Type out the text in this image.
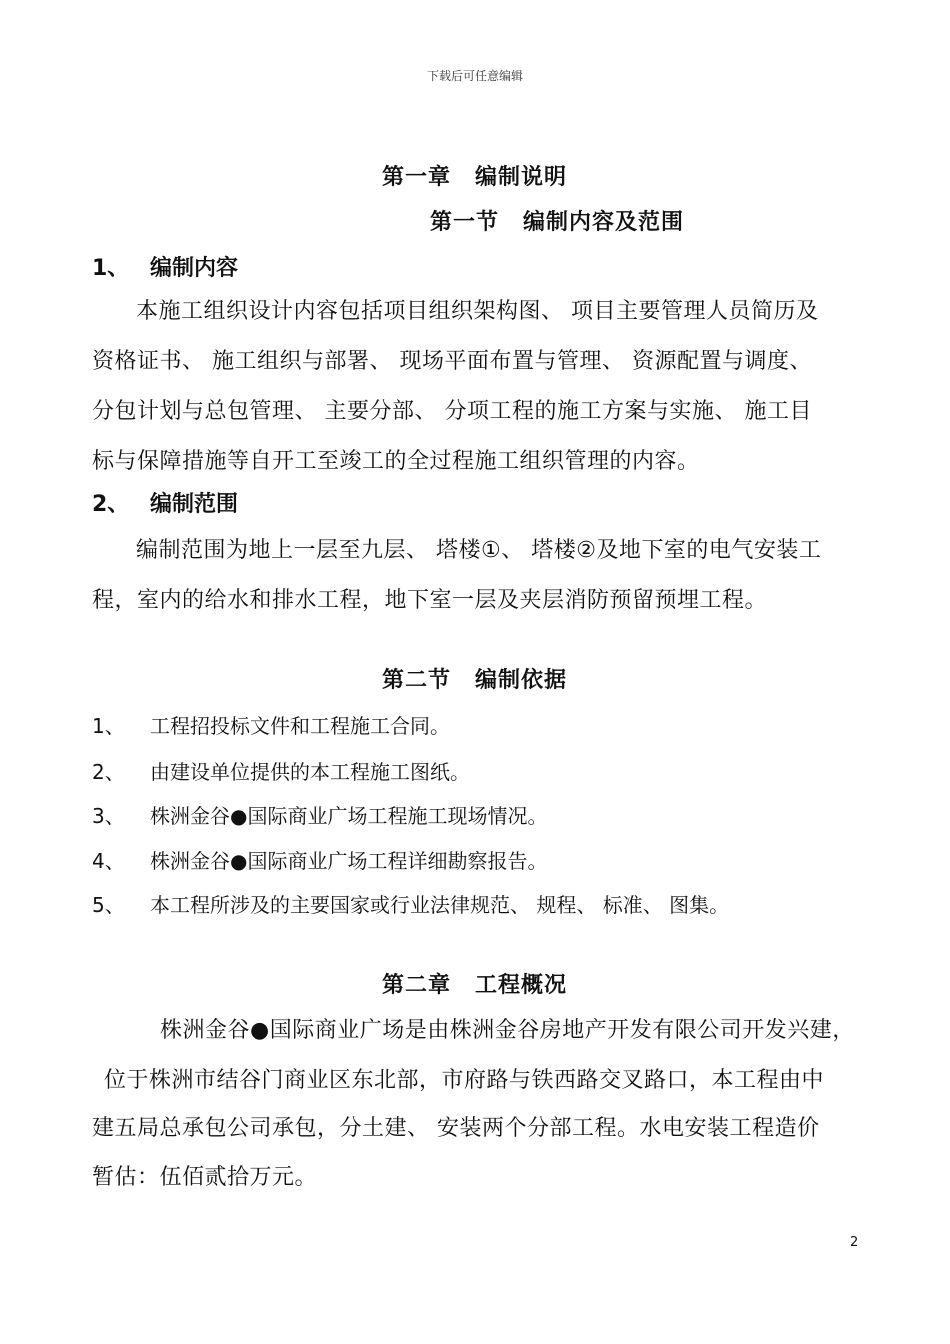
下载后可任意编辑
第一章 编制说明
第一节 编制内容及范围
1、 编制内容
本施工组织设计内容包括项目组织架构图、 项目主要管理人员简历及
资格证书、 施工组织与部署、 现场平面布置与管理、 资源配置与调度、
分包计划与总包管理、 主要分部、 分项工程的施工方案与实施、 施工目
标与保障措施等自开工至竣工的全过程施工组织管理的内容。
2、 编制范围
编制范围为地上一层至九层、 塔楼①、 塔楼②及地下室的电气安装工
程，室内的给水和排水工程，地下室一层及夹层消防预留预埋工程。
第二节 编制依据
1、 工程招投标文件和工程施工合同。
2、 由建设单位提供的本工程施工图纸。
3、 株洲金谷●国际商业广场工程施工现场情况。
4、 株洲金谷●国际商业广场工程详细勘察报告。
5、 本工程所涉及的主要国家或行业法律规范、 规程、 标准、 图集。
第二章 工程概况
株洲金谷●国际商业广场是由株洲金谷房地产开发有限公司开发兴建，
位于株洲市结谷门商业区东北部，市府路与铁西路交叉路口，本工程由中
建五局总承包公司承包，分土建、 安装两个分部工程。水电安装工程造价
暂估：伍佰贰拾万元。
2
